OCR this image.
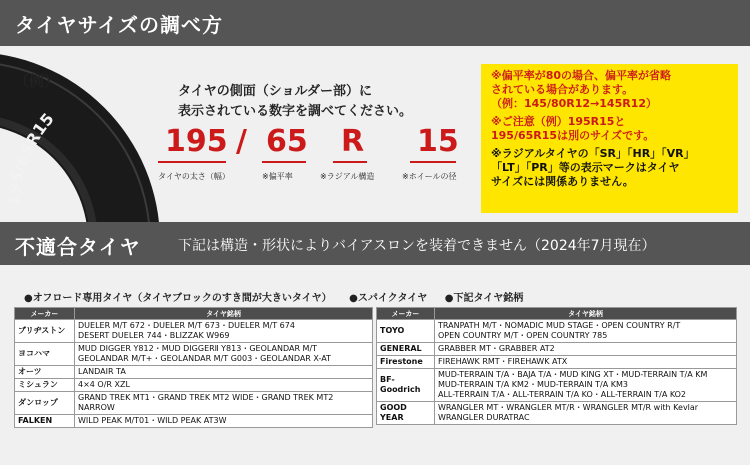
タイヤサイズの調べ方
195/65R15
（例）
タイヤの側面（ショルダー部）に
表示されている数字を調べてください。
195 / 65 R 15
タイヤの太さ（幅）	※偏平率	※ラジアル構造	※ホイールの径

※偏平率が80の場合、偏平率が省略

されている場合があります。

（例：145/80R12→145R12）

※ご注意（例）195R15と

195/65R15は別のサイズです。

※ラジアルタイヤの「SR」「HR」「VR」

「LT」「PR」等の表示マークはタイヤ

サイズには関係ありません。

不適合タイヤ	下記は構造・形状によりバイアスロンを装着できません（2024年7月現在）
●オフロード専用タイヤ（タイヤブロックのすき間が大きいタイヤ） ●スパイクタイヤ ●下記タイヤ銘柄
メーカー	タイヤ銘柄
ブリヂストン	DUELER M/T 672・DUELER M/T 673・DUELER M/T 674
DESERT DUELER 744・BLIZZAK W969

ヨコハマ	MUD DIGGER Y812・MUD DIGGERⅡ Y813・GEOLANDAR M/T
GEOLANDAR M/T+・GEOLANDAR M/T G003・GEOLANDAR X-AT

オーツ	LANDAIR TA

ミシュラン	4×4 O/R XZL

ダンロップ	GRAND TREK MT1・GRAND TREK MT2 WIDE・GRAND TREK MT2 NARROW

FALKEN	WILD PEAK M/T01・WILD PEAK AT3W
メーカー	タイヤ銘柄
TOYO	TRANPATH M/T・NOMADIC MUD STAGE・OPEN COUNTRY R/T
OPEN COUNTRY M/T・OPEN COUNTRY 785

GENERAL	GRABBER MT・GRABBER AT2

Firestone	FIREHAWK RMT・FIREHAWK ATX

BF-Goodrich	MUD-TERRAIN T/A・BAJA T/A・MUD KING XT・MUD-TERRAIN T/A KM
MUD-TERRAIN T/A KM2・MUD-TERRAIN T/A KM3
ALL-TERRAIN T/A・ALL-TERRAIN T/A KO・ALL-TERRAIN T/A KO2

GOOD YEAR	WRANGLER MT・WRANGLER MT/R・WRANGLER MT/R with Kevlar
WRANGLER DURATRAC
